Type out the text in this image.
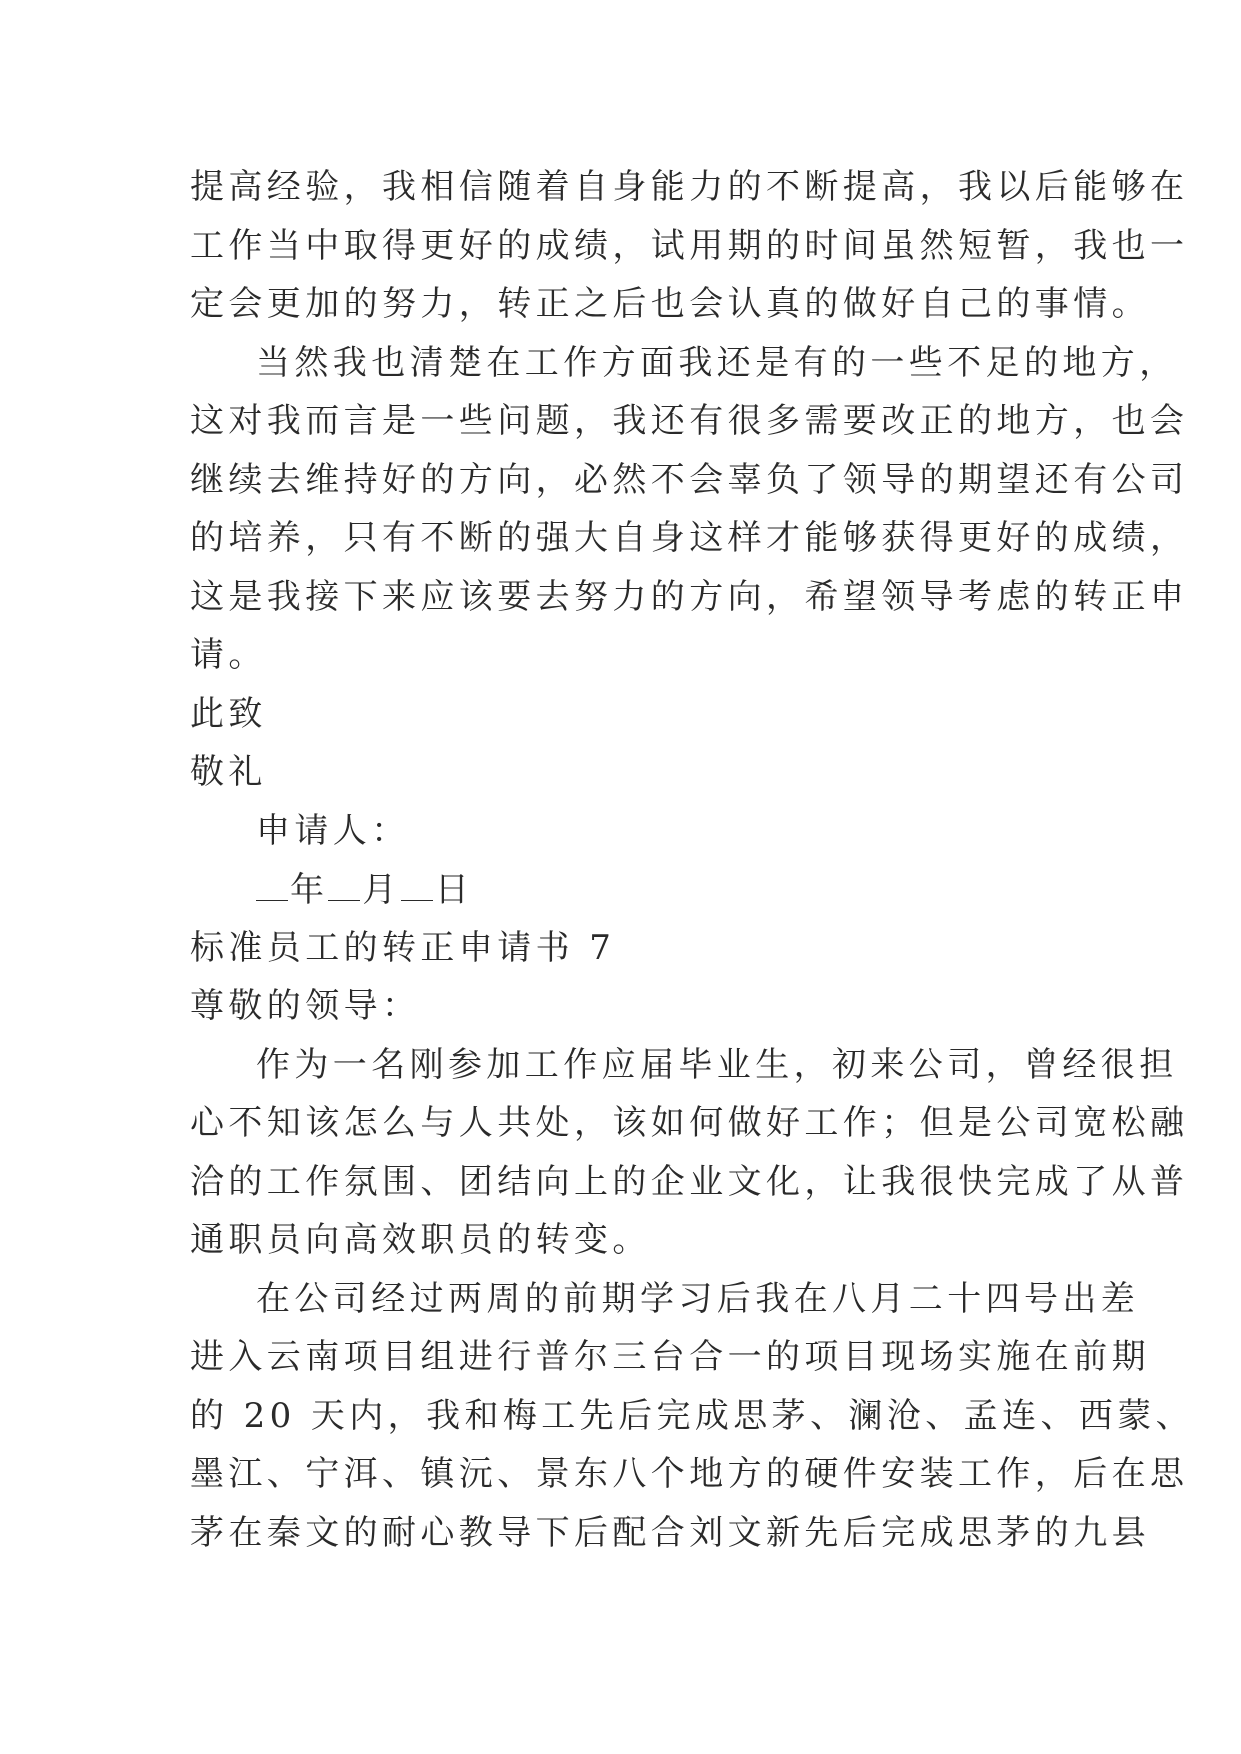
提高经验，我相信随着自身能力的不断提高，我以后能够在
工作当中取得更好的成绩，试用期的时间虽然短暂，我也一
定会更加的努力，转正之后也会认真的做好自己的事情。
当然我也清楚在工作方面我还是有的一些不足的地方，
这对我而言是一些问题，我还有很多需要改正的地方，也会
继续去维持好的方向，必然不会辜负了领导的期望还有公司
的培养，只有不断的强大自身这样才能够获得更好的成绩，
这是我接下来应该要去努力的方向，希望领导考虑的转正申
请。
此致
敬礼
申请人：
年 月 日
标准员工的转正申请书 7
尊敬的领导：
作为一名刚参加工作应届毕业生，初来公司，曾经很担
心不知该怎么与人共处，该如何做好工作；但是公司宽松融
洽的工作氛围、团结向上的企业文化，让我很快完成了从普
通职员向高效职员的转变。
在公司经过两周的前期学习后我在八月二十四号出差
进入云南项目组进行普尔三台合一的项目现场实施在前期
的 20 天内，我和梅工先后完成思茅、澜沧、孟连、西蒙、
墨江、宁洱、镇沅、景东八个地方的硬件安装工作，后在思
茅在秦文的耐心教导下后配合刘文新先后完成思茅的九县
